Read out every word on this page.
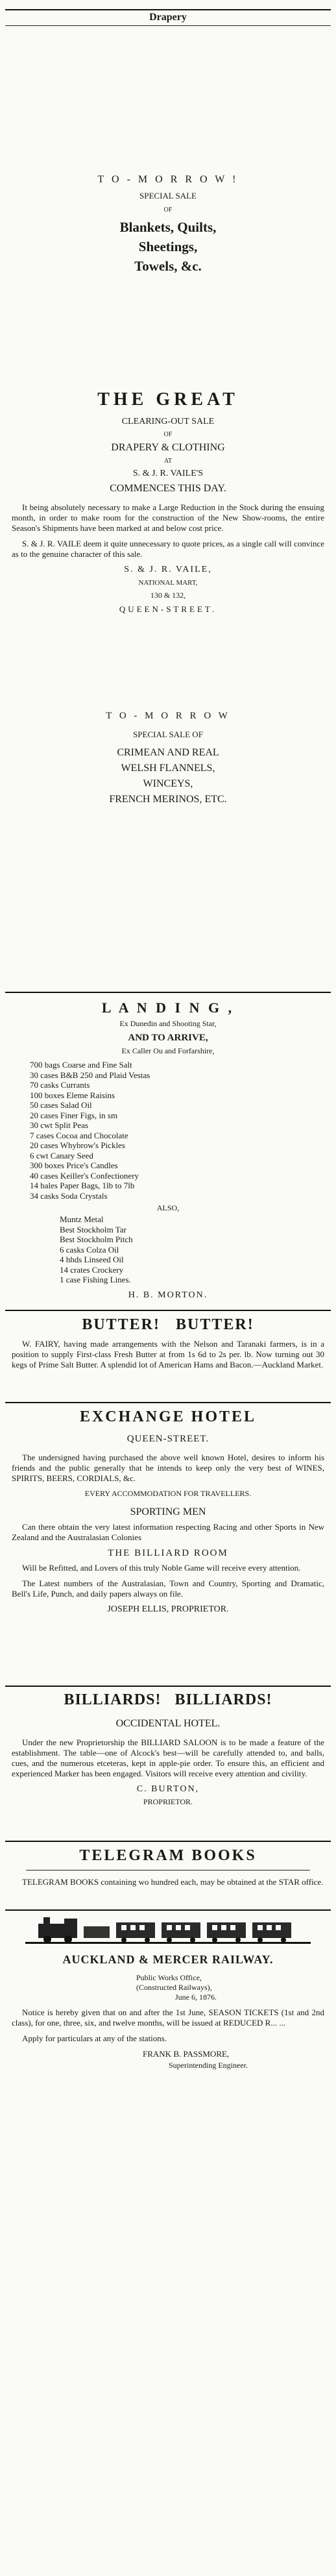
Drapery
T O - M O R R O W !
SPECIAL SALE
OF
Blankets, Quilts,
Sheetings,
Towels, &c.
THE GREAT
CLEARING-OUT SALE
OF
DRAPERY & CLOTHING
AT
S. & J. R. VAILE'S
COMMENCES THIS DAY.

It being absolutely necessary to make a Large Reduction in the Stock during the ensuing month, in order to make room for the construction of the New Show-rooms, the entire Season's Shipments have been marked at and below cost price.

S. & J. R. VAILE deem it quite unnecessary to quote prices, as a single call will convince as to the genuine character of this sale.

S. & J. R. VAILE,
NATIONAL MART,
130 & 132,
QUEEN-STREET.
T O - M O R R O W
SPECIAL SALE OF
CRIMEAN AND REAL
WELSH FLANNELS,
WINCEYS,
FRENCH MERINOS, ETC.
L A N D I N G ,
Ex Dunedin and Shooting Star,
AND TO ARRIVE,
Ex Caller Ou and Forfarshire,
700 bags Coarse and Fine Salt
30 cases B&B 250 and Plaid Vestas
70 casks Currants
100 boxes Eleme Raisins
50 cases Salad Oil
20 cases Finer Figs, in sm
30 cwt Split Peas
7 cases Cocoa and Chocolate
20 cases Whybrow's Pickles
6 cwt Canary Seed
300 boxes Price's Candles
40 cases Keiller's Confectionery
14 bales Paper Bags, 1lb to 7lb
34 casks Soda Crystals
ALSO,
Muntz Metal
Best Stockholm Tar
Best Stockholm Pitch
6 casks Colza Oil
4 hhds Linseed Oil
14 crates Crockery
1 case Fishing Lines.
H. B. MORTON.
BUTTER!   BUTTER!

W. FAIRY, having made arrangements with the Nelson and Taranaki farmers, is in a position to supply First-class Fresh Butter at from 1s 6d to 2s per. lb. Now turning out 30 kegs of Prime Salt Butter. A splendid lot of American Hams and Bacon.—Auckland Market.

EXCHANGE HOTEL
QUEEN-STREET.

The undersigned having purchased the above well known Hotel, desires to inform his friends and the public generally that he intends to keep only the very best of WINES, SPIRITS, BEERS, CORDIALS, &c.

EVERY ACCOMMODATION FOR TRAVELLERS.
SPORTING MEN

Can there obtain the very latest information respecting Racing and other Sports in New Zealand and the Australasian Colonies

THE BILLIARD ROOM

Will be Refitted, and Lovers of this truly Noble Game will receive every attention.

The Latest numbers of the Australasian, Town and Country, Sporting and Dramatic, Bell's Life, Punch, and daily papers always on file.

JOSEPH ELLIS, PROPRIETOR.
BILLIARDS!   BILLIARDS!
OCCIDENTAL HOTEL.

Under the new Proprietorship the BILLIARD SALOON is to be made a feature of the establishment. The table—one of Alcock's best—will be carefully attended to, and balls, cues, and the numerous etceteras, kept in apple-pie order. To ensure this, an efficient and experienced Marker has been engaged. Visitors will receive every attention and civility.

C. BURTON,
PROPRIETOR.
TELEGRAM BOOKS

TELEGRAM BOOKS containing wo hundred each, may be obtained at the STAR office.

AUCKLAND & MERCER RAILWAY.
Public Works Office,
(Constructed Railways),
June 6, 1876.

Notice is hereby given that on and after the 1st June, SEASON TICKETS (1st and 2nd class), for one, three, six, and twelve months, will be issued at REDUCED R... ...

Apply for particulars at any of the stations.

FRANK B. PASSMORE,
Superintending Engineer.
